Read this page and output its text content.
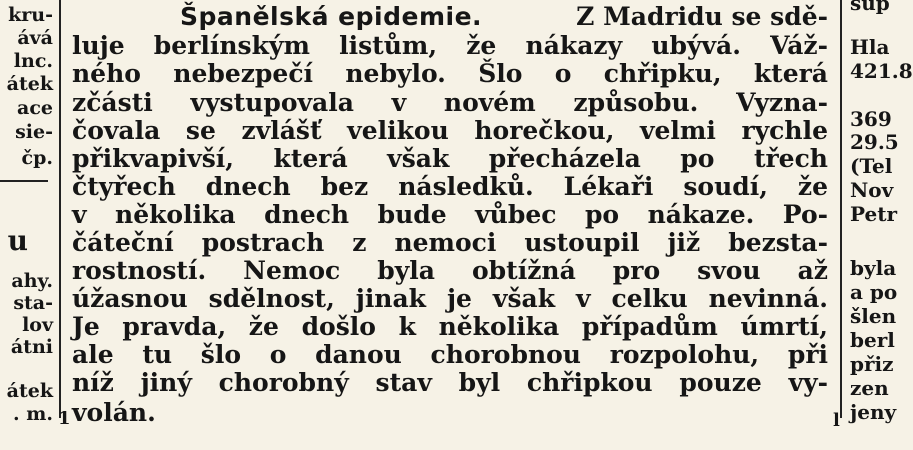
kru-
ává
lnc.
átek
ace
sie-
čp.
u
ahy.
sta-
lov
átni
átek
. m. 1
Španělská epidemie.	Z Madridu se sdě-
luje berlínským listům, že nákazy ubývá. Váž-
ného nebezpečí nebylo. Šlo o chřipku, která
zčásti vystupovala v novém způsobu. Vyzna-
čovala se zvlášť velikou horečkou, velmi rychle
přikvapivší, která však přecházela po třech
čtyřech dnech bez následků. Lékaři soudí, že
v několika dnech bude vůbec po nákaze. Po-
čáteční postrach z nemoci ustoupil již bezsta-
rostností. Nemoc byla obtížná pro svou až
úžasnou sdělnost, jinak je však v celku nevinná.
Je pravda, že došlo k několika případům úmrtí,
ale tu šlo o danou chorobnou rozpolohu, při
níž jiný chorobný stav byl chřipkou pouze vy-
volán.	l
sup
Hla
421.8
369
29.5
(Tel
Nov
Petr
byla
a po
šlen
berl
přiz
zen
jeny
